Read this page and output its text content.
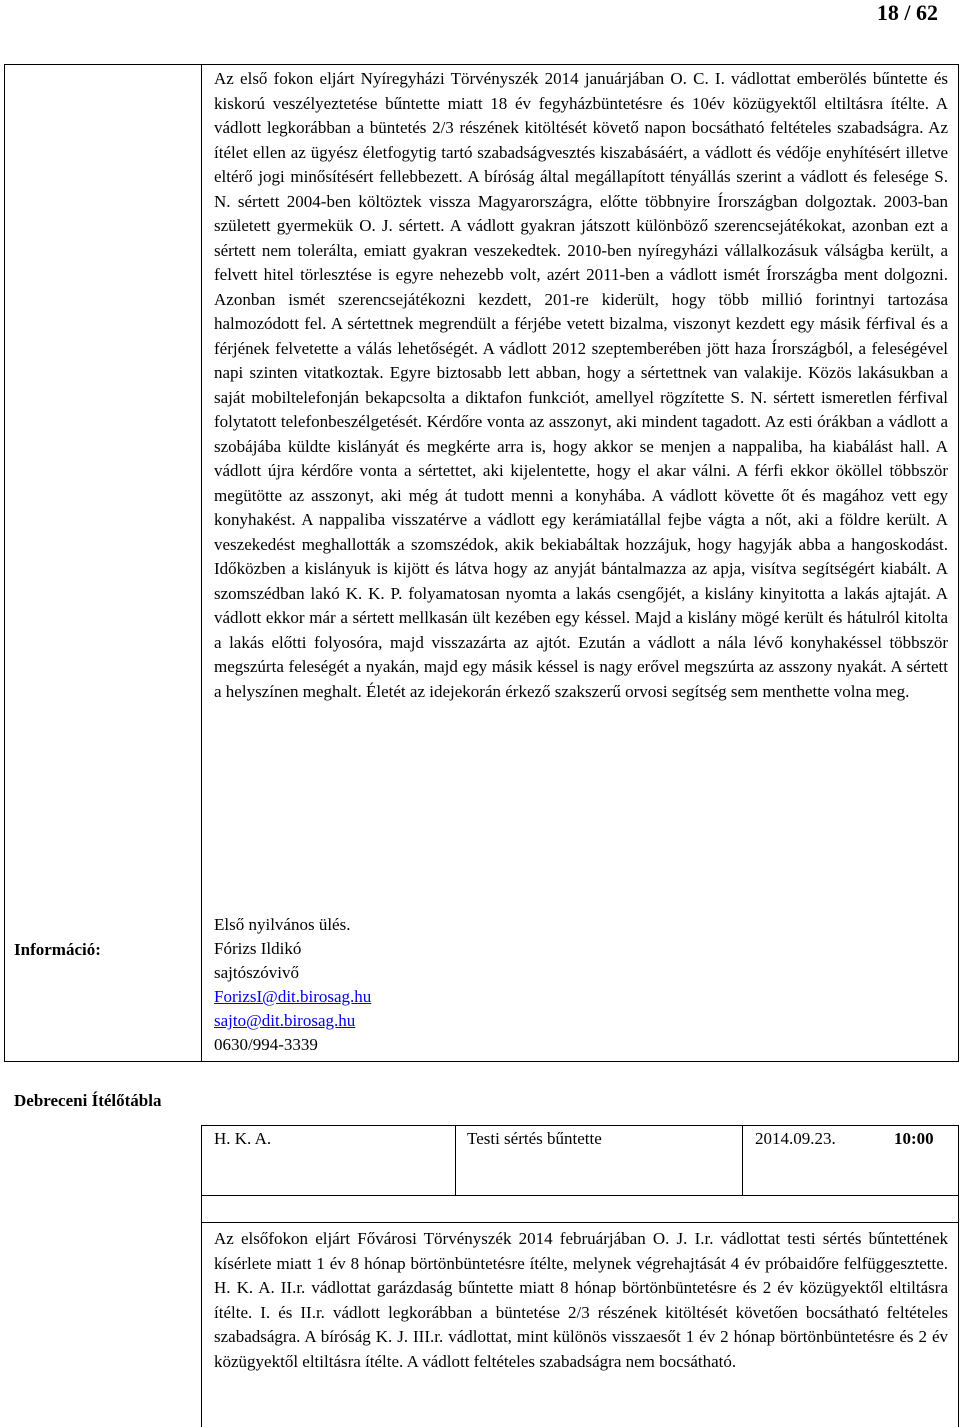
18 / 62
Információ:
Az első fokon eljárt Nyíregyházi Törvényszék 2014 januárjában O. C. I. vádlottat emberölés bűntette és kiskorú veszélyeztetése bűntette miatt 18 év fegyházbüntetésre és 10év közügyektől eltiltásra ítélte. A vádlott legkorábban a büntetés 2/3 részének kitöltését követő napon bocsátható feltételes szabadságra. Az ítélet ellen az ügyész életfogytig tartó szabadságvesztés kiszabásáért, a vádlott és védője enyhítésért illetve eltérő jogi minősítésért fellebbezett. A bíróság által megállapított tényállás szerint a vádlott és felesége S. N. sértett 2004-ben költöztek vissza Magyarországra, előtte többnyire Írországban dolgoztak. 2003-ban született gyermekük O. J. sértett. A vádlott gyakran játszott különböző szerencsejátékokat, azonban ezt a sértett nem tolerálta, emiatt gyakran veszekedtek. 2010-ben nyíregyházi vállalkozásuk válságba került, a felvett hitel törlesztése is egyre nehezebb volt, azért 2011-ben a vádlott ismét Írországba ment dolgozni. Azonban ismét szerencsejátékozni kezdett, 201-re kiderült, hogy több millió forintnyi tartozása halmozódott fel. A sértettnek megrendült a férjébe vetett bizalma, viszonyt kezdett egy másik férfival és a férjének felvetette a válás lehetőségét. A vádlott 2012 szeptemberében jött haza Írországból, a feleségével napi szinten vitatkoztak. Egyre biztosabb lett abban, hogy a sértettnek van valakije. Közös lakásukban a saját mobiltelefonján bekapcsolta a diktafon funkciót, amellyel rögzítette S. N. sértett ismeretlen férfival folytatott telefonbeszélgetését. Kérdőre vonta az asszonyt, aki mindent tagadott. Az esti órákban a vádlott a szobájába küldte kislányát és megkérte arra is, hogy akkor se menjen a nappaliba, ha kiabálást hall. A vádlott újra kérdőre vonta a sértettet, aki kijelentette, hogy el akar válni. A férfi ekkor ököllel többször megütötte az asszonyt, aki még át tudott menni a konyhába. A vádlott követte őt és magához vett egy konyhakést. A nappaliba visszatérve a vádlott egy kerámiatállal fejbe vágta a nőt, aki a földre került. A veszekedést meghallották a szomszédok, akik bekiabáltak hozzájuk, hogy hagyják abba a hangoskodást. Időközben a kislányuk is kijött és látva hogy az anyját bántalmazza az apja, visítva segítségért kiabált. A szomszédban lakó K. K. P. folyamatosan nyomta a lakás csengőjét, a kislány kinyitotta a lakás ajtaját. A vádlott ekkor már a sértett mellkasán ült kezében egy késsel. Majd a kislány mögé került és hátulról kitolta a lakás előtti folyosóra, majd visszazárta az ajtót. Ezután a vádlott a nála lévő konyhakéssel többször megszúrta feleségét a nyakán, majd egy másik késsel is nagy erővel megszúrta az asszony nyakát. A sértett a helyszínen meghalt. Életét az idejekorán érkező szakszerű orvosi segítség sem menthette volna meg.
Első nyilvános ülés.
Fórizs Ildikó
sajtószóvivő
ForizsI@dit.birosag.hu
sajto@dit.birosag.hu
0630/994-3339
Debreceni Ítélőtábla
H. K. A.	Testi sértés bűntette	2014.09.23.	10:00
Az elsőfokon eljárt Fővárosi Törvényszék 2014 februárjában O. J. I.r. vádlottat testi sértés bűntettének kísérlete miatt 1 év 8 hónap börtönbüntetésre ítélte, melynek végrehajtását 4 év próbaidőre felfüggesztette. H. K. A. II.r. vádlottat garázdaság bűntette miatt 8 hónap börtönbüntetésre és 2 év közügyektől eltiltásra ítélte. I. és II.r. vádlott legkorábban a büntetése 2/3 részének kitöltését követően bocsátható feltételes szabadságra. A bíróság K. J. III.r. vádlottat, mint különös visszaesőt 1 év 2 hónap börtönbüntetésre és 2 év közügyektől eltiltásra ítélte. A vádlott feltételes szabadságra nem bocsátható.
